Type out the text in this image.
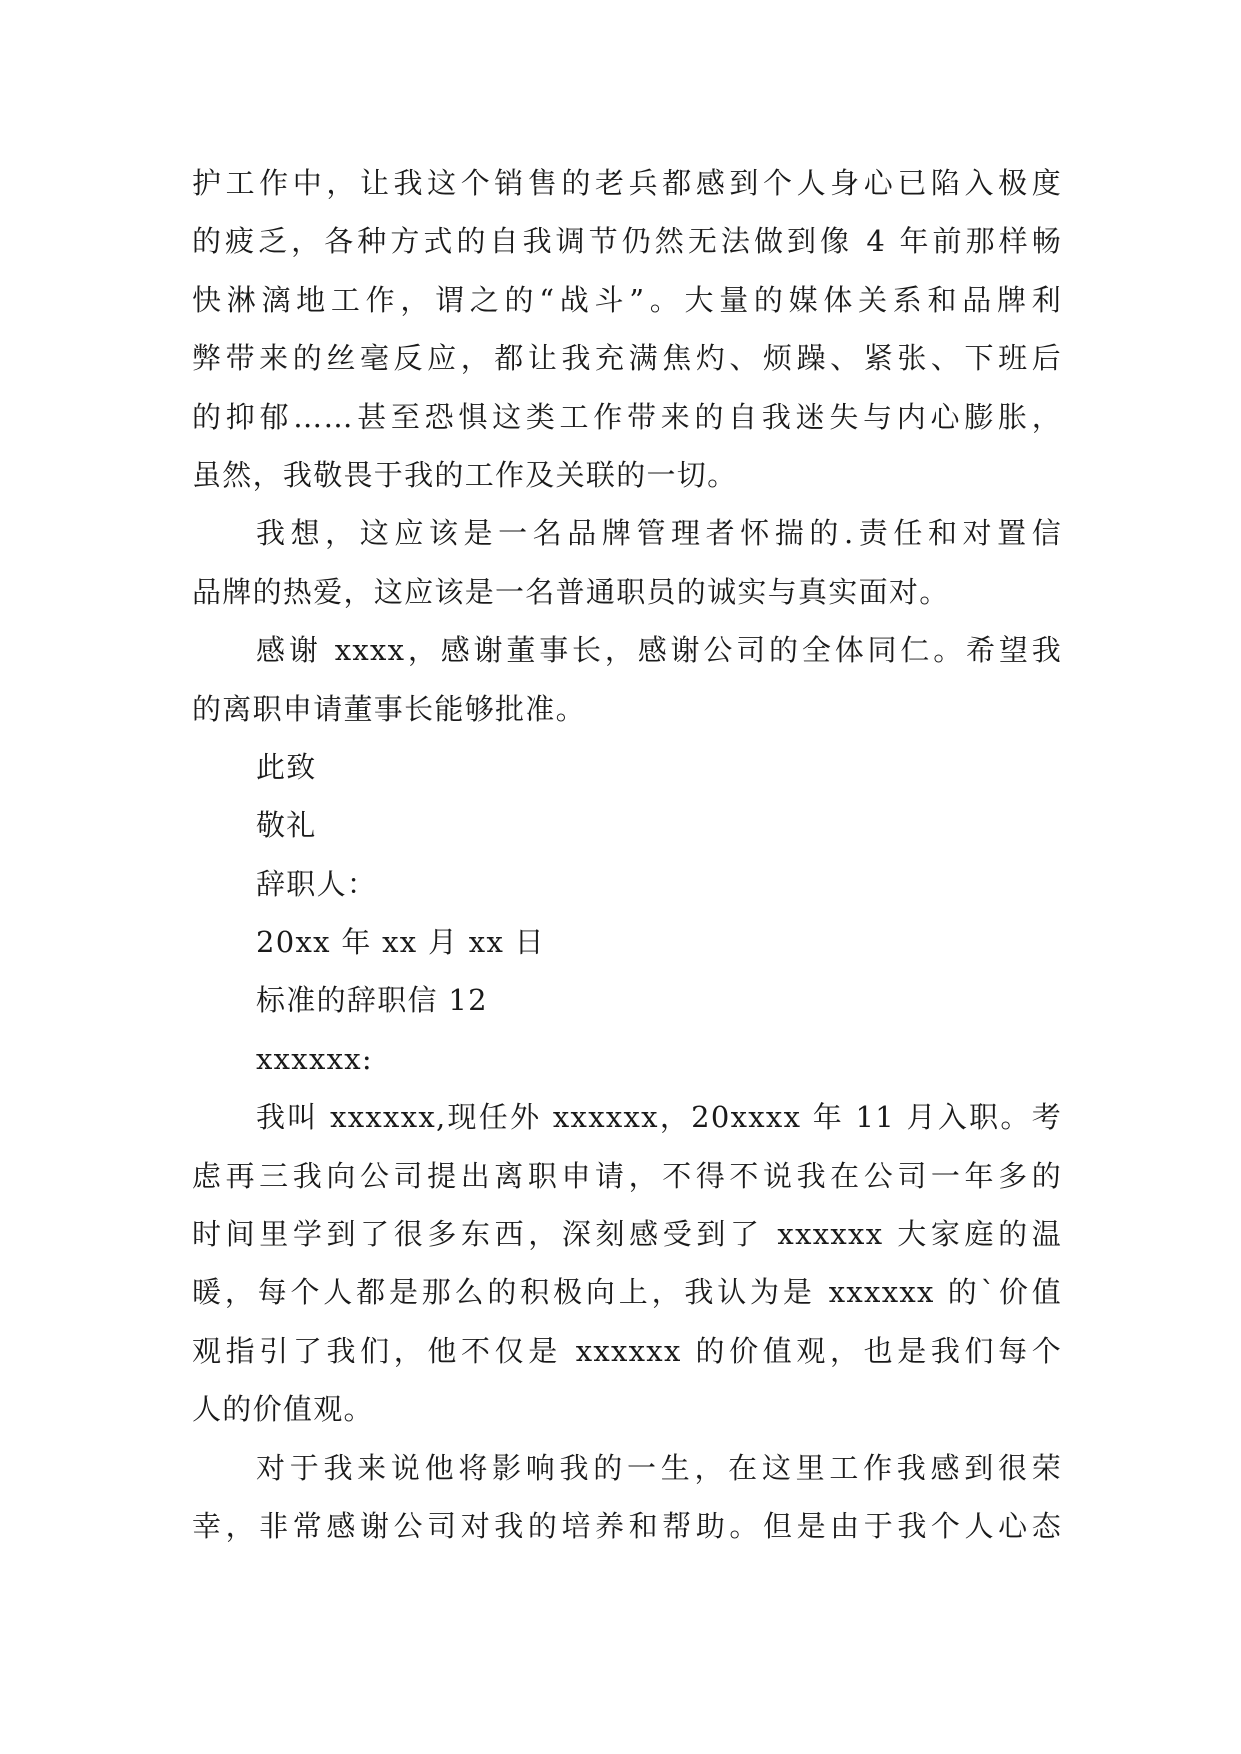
护工作中，让我这个销售的老兵都感到个人身心已陷入极度
的疲乏，各种方式的自我调节仍然无法做到像 4 年前那样畅
快淋漓地工作，谓之的“战斗”。大量的媒体关系和品牌利
弊带来的丝毫反应，都让我充满焦灼、烦躁、紧张、下班后
的抑郁……甚至恐惧这类工作带来的自我迷失与内心膨胀，
虽然，我敬畏于我的工作及关联的一切。
我想，这应该是一名品牌管理者怀揣的.责任和对置信
品牌的热爱，这应该是一名普通职员的诚实与真实面对。
感谢 xxxx，感谢董事长，感谢公司的全体同仁。希望我
的离职申请董事长能够批准。
此致
敬礼
辞职人：
20xx 年 xx 月 xx 日
标准的辞职信 12
xxxxxx:
我叫 xxxxxx,现任外 xxxxxx，20xxxx 年 11 月入职。考
虑再三我向公司提出离职申请，不得不说我在公司一年多的
时间里学到了很多东西，深刻感受到了 xxxxxx 大家庭的温
暖，每个人都是那么的积极向上，我认为是 xxxxxx 的`价值
观指引了我们，他不仅是 xxxxxx 的价值观，也是我们每个
人的价值观。
对于我来说他将影响我的一生，在这里工作我感到很荣
幸，非常感谢公司对我的培养和帮助。但是由于我个人心态
